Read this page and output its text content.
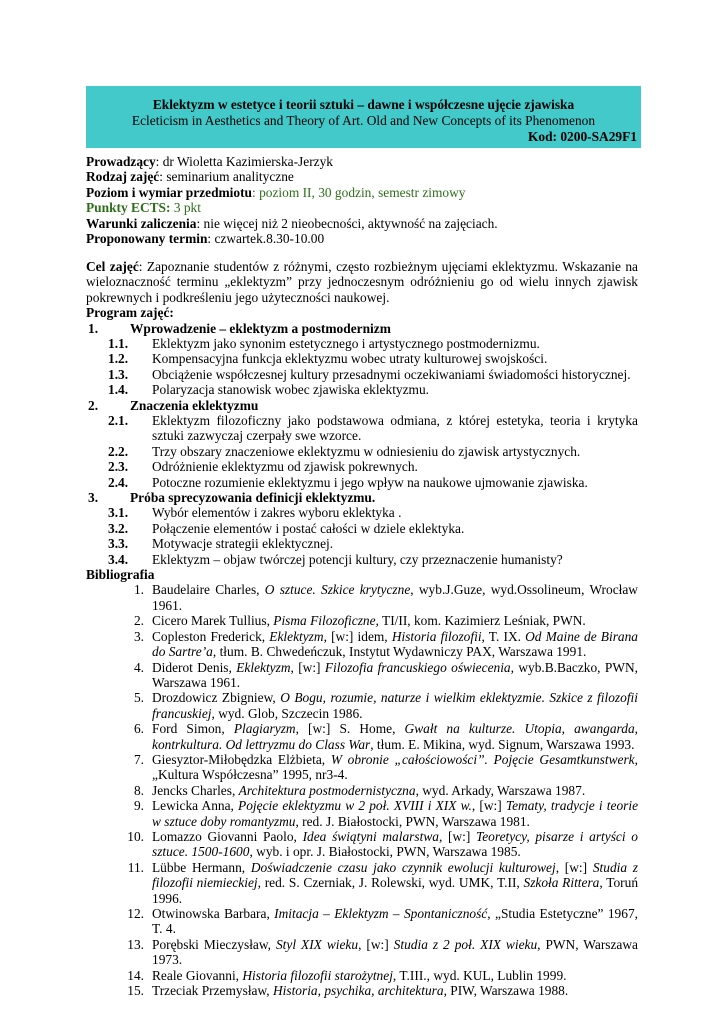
Eklektyzm w estetyce i teorii sztuki – dawne i współczesne ujęcie zjawiska
Ecleticism in Aesthetics and Theory of Art. Old and New Concepts of its Phenomenon
Kod: 0200-SA29F1
Prowadzący: dr Wioletta Kazimierska-Jerzyk
Rodzaj zajęć: seminarium analityczne
Poziom i wymiar przedmiotu: poziom II, 30 godzin, semestr zimowy
Punkty ECTS: 3 pkt
Warunki zaliczenia: nie więcej niż 2 nieobecności, aktywność na zajęciach.
Proponowany termin: czwartek.8.30-10.00
Cel zajęć: Zapoznanie studentów z różnymi, często rozbieżnym ujęciami eklektyzmu. Wskazanie na wieloznaczność terminu „eklektyzm” przy jednoczesnym odróżnieniu go od wielu innych zjawisk pokrewnych i podkreśleniu jego użyteczności naukowej.
Program zajęć:
1. Wprowadzenie – eklektyzm a postmodernizm
1.1. Eklektyzm jako synonim estetycznego i artystycznego postmodernizmu.
1.2. Kompensacyjna funkcja eklektyzmu wobec utraty kulturowej swojskości.
1.3. Obciążenie współczesnej kultury przesadnymi oczekiwaniami świadomości historycznej.
1.4. Polaryzacja stanowisk wobec zjawiska eklektyzmu.
2. Znaczenia eklektyzmu
2.1. Eklektyzm filozoficzny jako podstawowa odmiana, z której estetyka, teoria i krytyka sztuki zazwyczaj czerpały swe wzorce.
2.2. Trzy obszary znaczeniowe eklektyzmu w odniesieniu do zjawisk artystycznych.
2.3. Odróżnienie eklektyzmu od zjawisk pokrewnych.
2.4. Potoczne rozumienie eklektyzmu i jego wpływ na naukowe ujmowanie zjawiska.
3. Próba sprecyzowania definicji eklektyzmu.
3.1. Wybór elementów i zakres wyboru eklektyka .
3.2. Połączenie elementów i postać całości w dziele eklektyka.
3.3. Motywacje strategii eklektycznej.
3.4. Eklektyzm – objaw twórczej potencji kultury, czy przeznaczenie humanisty?
Bibliografia
1. Baudelaire Charles, O sztuce. Szkice krytyczne, wyb.J.Guze, wyd.Ossolineum, Wrocław 1961.
2. Cicero Marek Tullius, Pisma Filozoficzne, TI/II, kom. Kazimierz Leśniak, PWN.
3. Copleston Frederick, Eklektyzm, [w:] idem, Historia filozofii, T. IX. Od Maine de Birana do Sartre’a, tłum. B. Chwedeńczuk, Instytut Wydawniczy PAX, Warszawa 1991.
4. Diderot Denis, Eklektyzm, [w:] Filozofia francuskiego oświecenia, wyb.B.Baczko, PWN, Warszawa 1961.
5. Drozdowicz Zbigniew, O Bogu, rozumie, naturze i wielkim eklektyzmie. Szkice z filozofii francuskiej, wyd. Glob, Szczecin 1986.
6. Ford Simon, Plagiaryzm, [w:] S. Home, Gwałt na kulturze. Utopia, awangarda, kontrkultura. Od lettryzmu do Class War, tłum. E. Mikina, wyd. Signum, Warszawa 1993.
7. Giesyztor-Miłobędzka Elżbieta, W obronie „całościowości”. Pojęcie Gesamtkunstwerk, „Kultura Współczesna” 1995, nr3-4.
8. Jencks Charles, Architektura postmodernistyczna, wyd. Arkady, Warszawa 1987.
9. Lewicka Anna, Pojęcie eklektyzmu w 2 poł. XVIII i XIX w., [w:] Tematy, tradycje i teorie w sztuce doby romantyzmu, red. J. Białostocki, PWN, Warszawa 1981.
10. Lomazzo Giovanni Paolo, Idea świątyni malarstwa, [w:] Teoretycy, pisarze i artyści o sztuce. 1500-1600, wyb. i opr. J. Białostocki, PWN, Warszawa 1985.
11. Lübbe Hermann, Doświadczenie czasu jako czynnik ewolucji kulturowej, [w:] Studia z filozofii niemieckiej, red. S. Czerniak, J. Rolewski, wyd. UMK, T.II, Szkoła Rittera, Toruń 1996.
12. Otwinowska Barbara, Imitacja – Eklektyzm – Spontaniczność, „Studia Estetyczne” 1967, T. 4.
13. Porębski Mieczysław, Styl XIX wieku, [w:] Studia z 2 poł. XIX wieku, PWN, Warszawa 1973.
14. Reale Giovanni, Historia filozofii starożytnej, T.III., wyd. KUL, Lublin 1999.
15. Trzeciak Przemysław, Historia, psychika, architektura, PIW, Warszawa 1988.
